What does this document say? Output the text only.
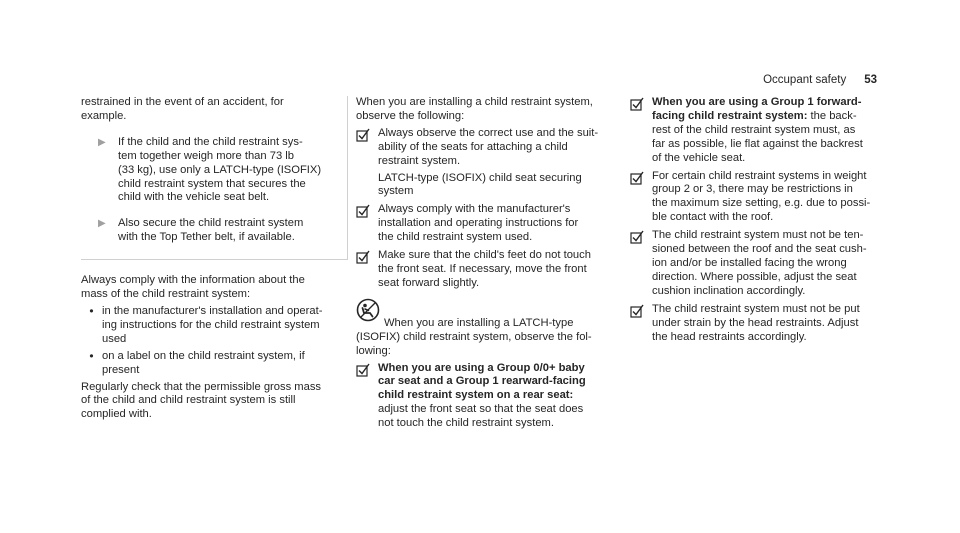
Occupant safety 53
restrained in the event of an accident, for
example.
▶	If the child and the child restraint sys-
tem together weigh more than 73 lb
(33 kg), use only a LATCH-type (ISOFIX)
child restraint system that secures the
child with the vehicle seat belt.
▶	Also secure the child restraint system
with the Top Tether belt, if available.
Always comply with the information about the
mass of the child restraint system:
• in the manufacturer's installation and operat-
ing instructions for the child restraint system
used
• on a label on the child restraint system, if
present
Regularly check that the permissible gross mass
of the child and child restraint system is still
complied with.
When you are installing a child restraint system,
observe the following:
Always observe the correct use and the suit-
ability of the seats for attaching a child
restraint system.
LATCH-type (ISOFIX) child seat securing
system
Always comply with the manufacturer's
installation and operating instructions for
the child restraint system used.
Make sure that the child's feet do not touch
the front seat. If necessary, move the front
seat forward slightly.
When you are installing a LATCH-type
(ISOFIX) child restraint system, observe the fol-
lowing:
When you are using a Group 0/0+ baby
car seat and a Group 1 rearward-facing
child restraint system on a rear seat:
adjust the front seat so that the seat does
not touch the child restraint system.
When you are using a Group 1 forward-
facing child restraint system: the back-
rest of the child restraint system must, as
far as possible, lie flat against the backrest
of the vehicle seat.
For certain child restraint systems in weight
group 2 or 3, there may be restrictions in
the maximum size setting, e.g. due to possi-
ble contact with the roof.
The child restraint system must not be ten-
sioned between the roof and the seat cush-
ion and/or be installed facing the wrong
direction. Where possible, adjust the seat
cushion inclination accordingly.
The child restraint system must not be put
under strain by the head restraints. Adjust
the head restraints accordingly.
